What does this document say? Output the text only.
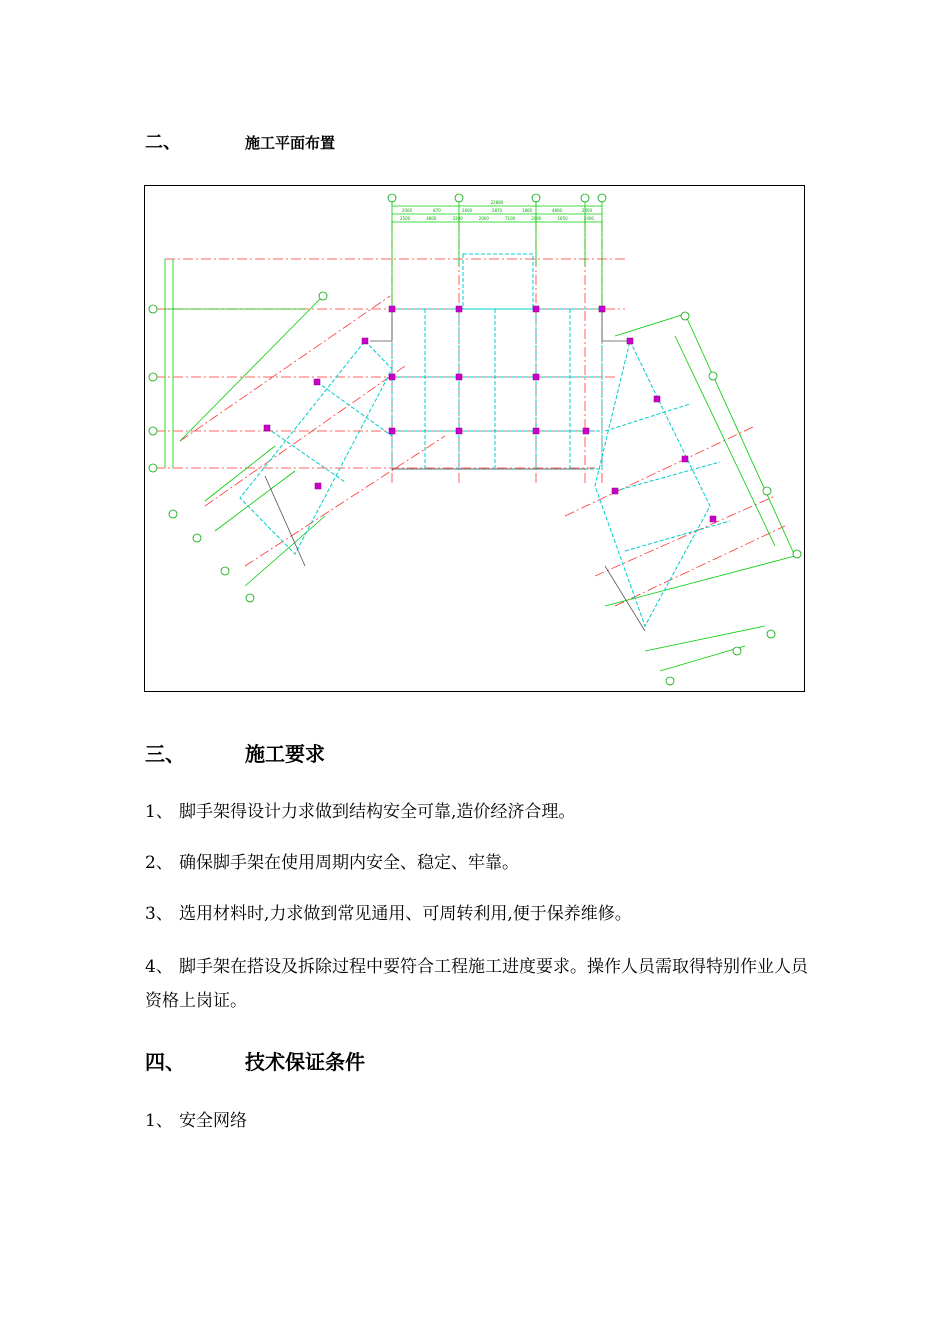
二、	施工平面布置
22880
2000	870	2600	2870	1800	4800	2400
2500	4800	3300	2000	7100	2000	1850	2400
三、	施工要求
1、 脚手架得设计力求做到结构安全可靠,造价经济合理。
2、 确保脚手架在使用周期内安全、稳定、牢靠。
3、 选用材料时,力求做到常见通用、可周转利用,便于保养维修。
4、 脚手架在搭设及拆除过程中要符合工程施工进度要求。操作人员需取得特别作业人员资格上岗证。
四、	技术保证条件
1、 安全网络
